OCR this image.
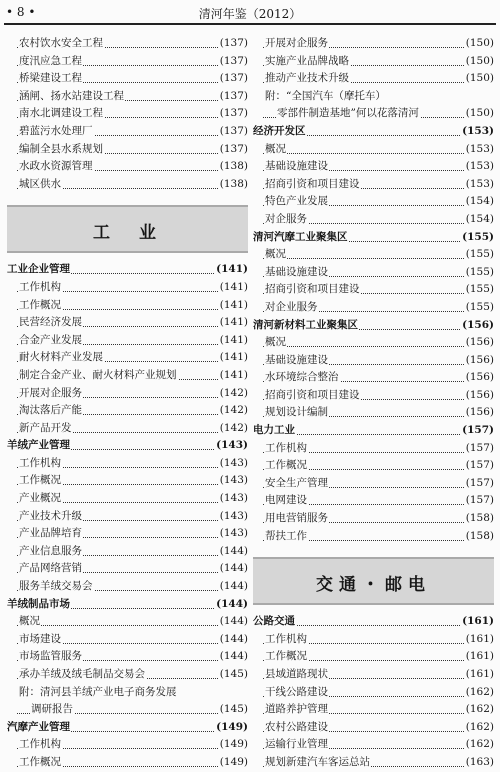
• 8 •	清河年鉴（2012）
农村饮水安全工程	(137)
度汛应急工程	(137)
桥梁建设工程	(137)
涵闸、扬水站建设工程	(137)
南水北调建设工程	(137)
碧蓝污水处理厂	(137)
编制全县水系规划	(137)
水政水资源管理	(138)
城区供水	(138)
工　业
工业企业管理	(141)
工作机构	(141)
工作概况	(141)
民营经济发展	(141)
合金产业发展	(141)
耐火材料产业发展	(141)
制定合金产业、耐火材料产业规划	(141)
开展对企服务	(142)
淘汰落后产能	(142)
新产品开发	(142)
羊绒产业管理	(143)
工作机构	(143)
工作概况	(143)
产业概况	(143)
产业技术升级	(143)
产业品牌培育	(143)
产业信息服务	(144)
产品网络营销	(144)
服务羊绒交易会	(144)
羊绒制品市场	(144)
概况	(144)
市场建设	(144)
市场监管服务	(144)
承办羊绒及绒毛制品交易会	(145)
附：清河县羊绒产业电子商务发展
调研报告	(145)
汽摩产业管理	(149)
工作机构	(149)
工作概况	(149)
开展对企服务	(150)
实施产业品牌战略	(150)
推动产业技术升级	(150)
附：“全国汽车（摩托车）
零部件制造基地”何以花落清河	(150)
经济开发区	(153)
概况	(153)
基础设施建设	(153)
招商引资和项目建设	(153)
特色产业发展	(154)
对企服务	(154)
清河汽摩工业聚集区	(155)
概况	(155)
基础设施建设	(155)
招商引资和项目建设	(155)
对企业服务	(155)
清河新材料工业聚集区	(156)
概况	(156)
基础设施建设	(156)
水环境综合整治	(156)
招商引资和项目建设	(156)
规划设计编制	(156)
电力工业	(157)
工作机构	(157)
工作概况	(157)
安全生产管理	(157)
电网建设	(157)
用电营销服务	(158)
帮扶工作	(158)
交通・邮电
公路交通	(161)
工作机构	(161)
工作概况	(161)
县域道路现状	(161)
干线公路建设	(162)
道路养护管理	(162)
农村公路建设	(162)
运输行业管理	(162)
规划新建汽车客运总站	(163)
